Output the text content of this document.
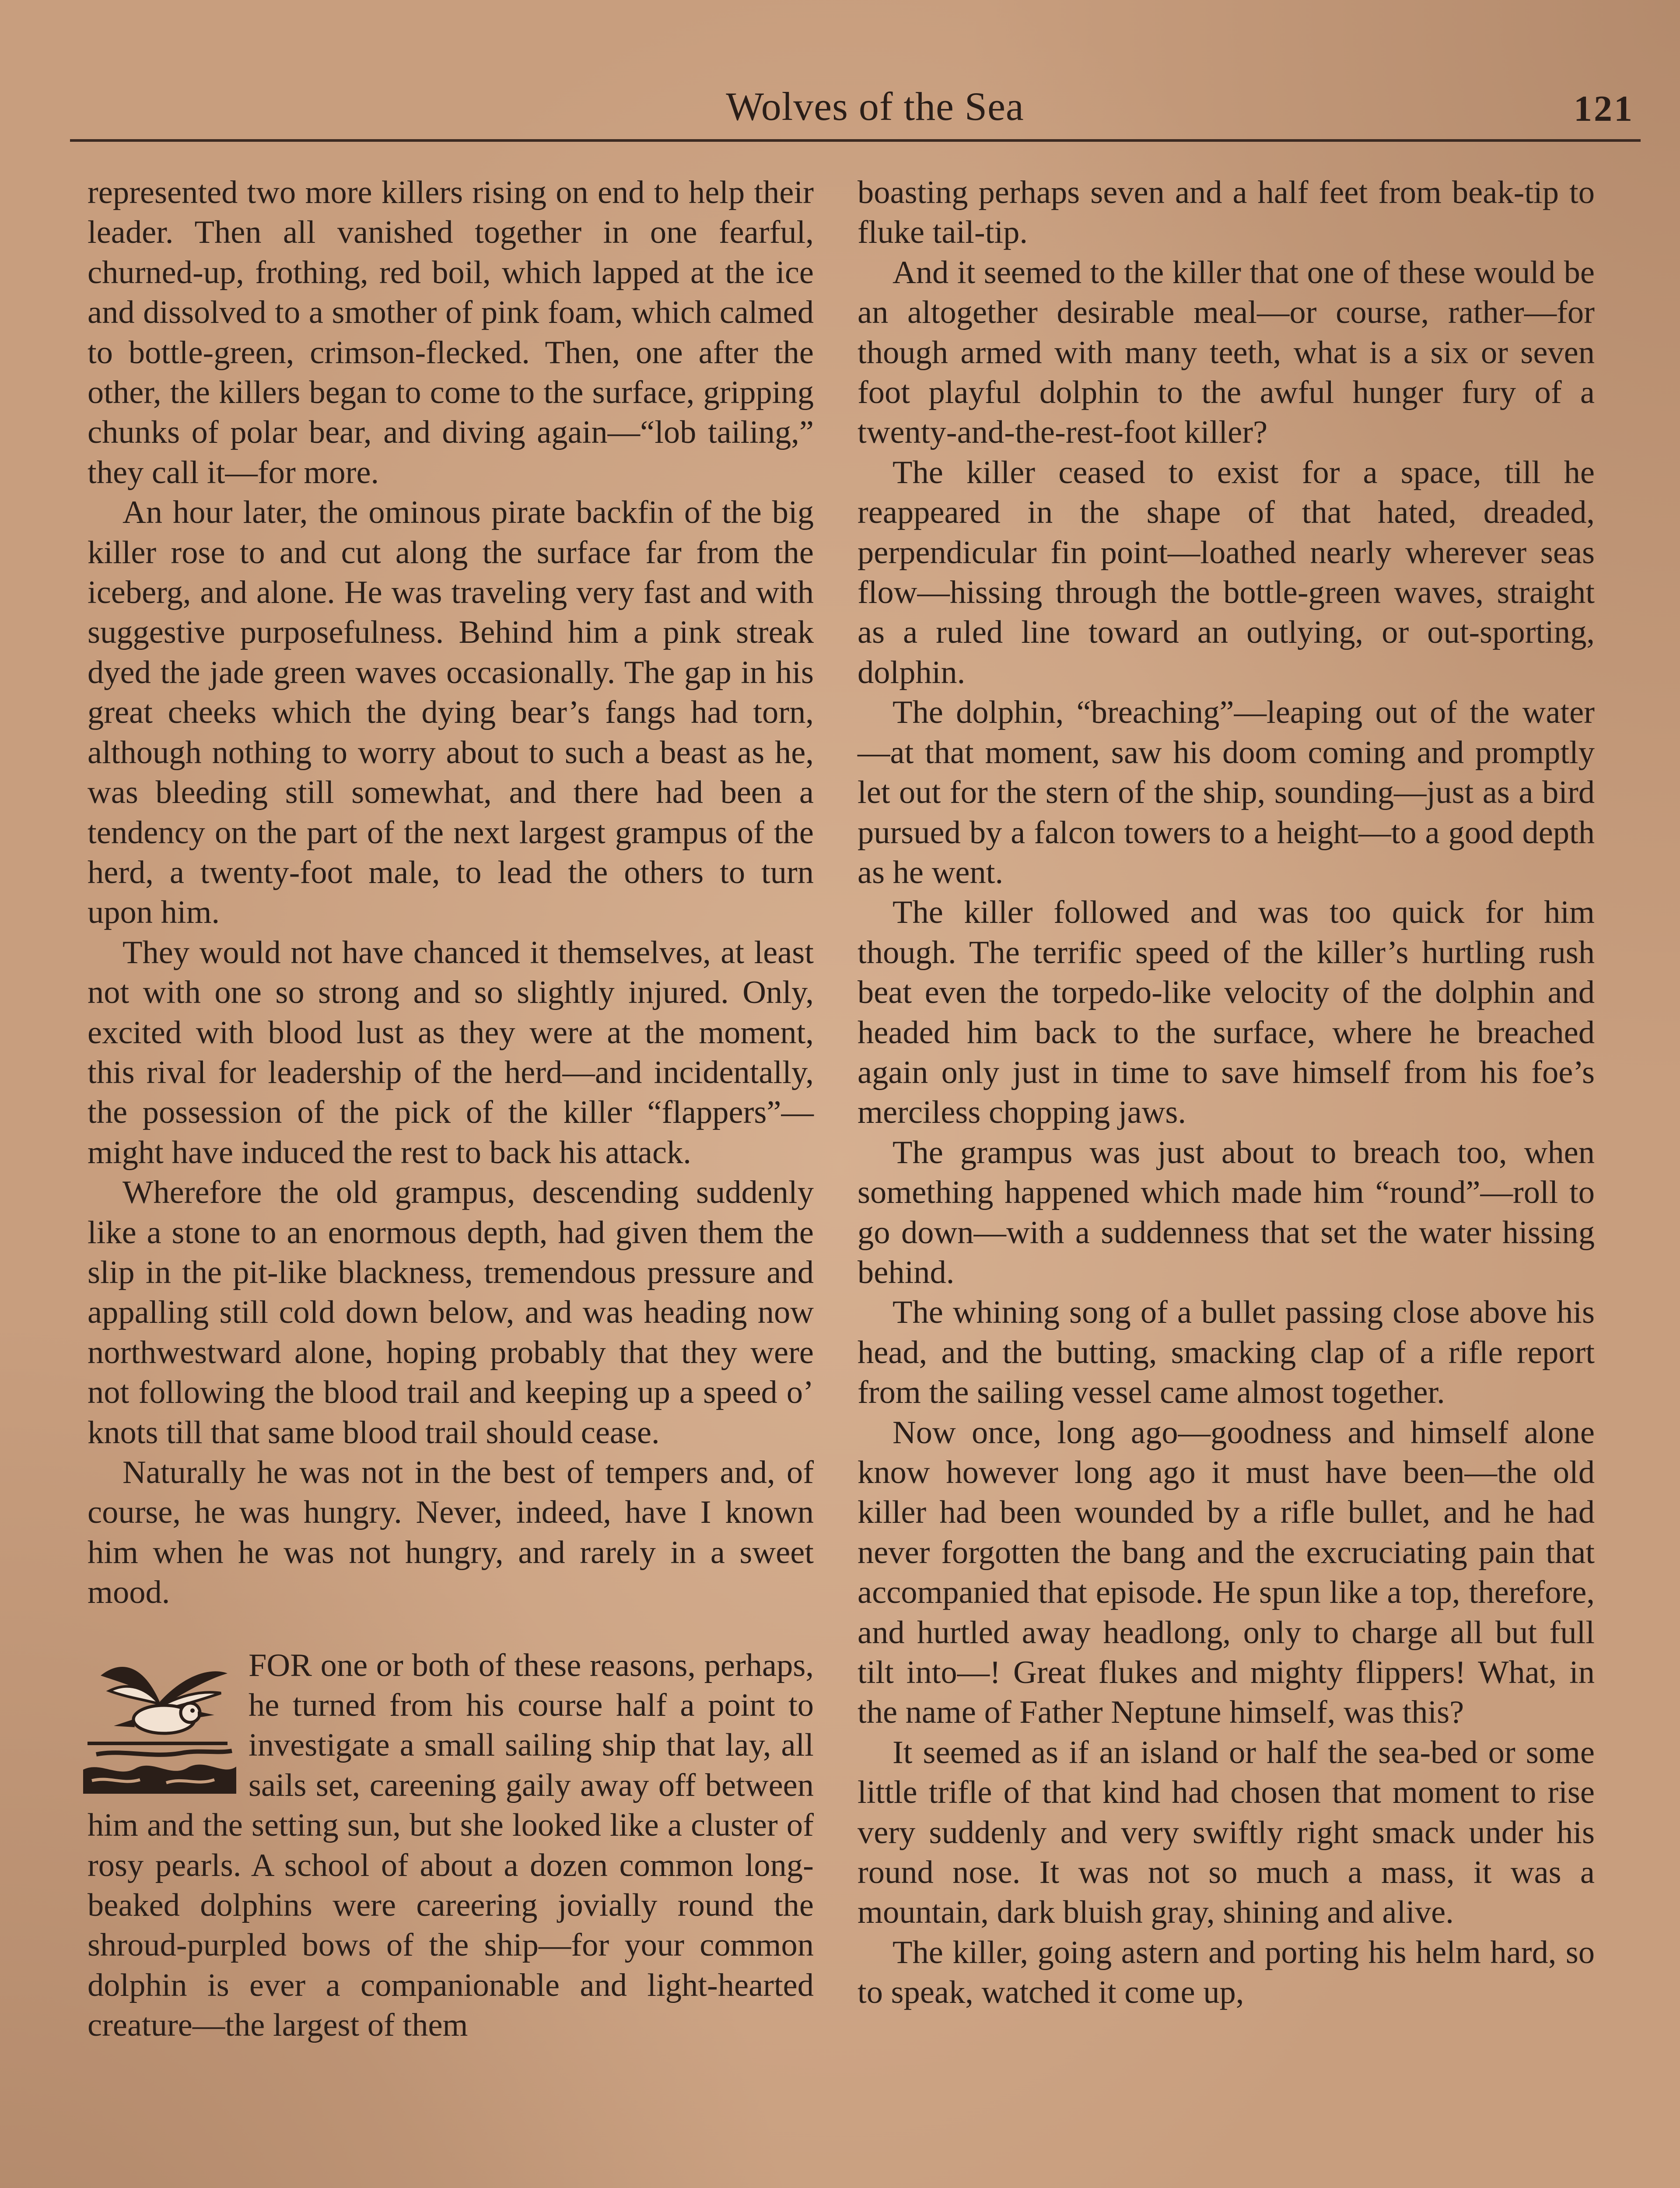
Wolves of the Sea	121

represented two more killers rising on end to help their leader. Then all vanished together in one fearful, churned-up, frothing, red boil, which lapped at the ice and dissolved to a smother of pink foam, which calmed to bottle-green, crimson-flecked. Then, one after the other, the killers began to come to the surface, gripping chunks of polar bear, and diving again—“lob tailing,” they call it—for more.

An hour later, the ominous pirate backfin of the big killer rose to and cut along the surface far from the iceberg, and alone. He was traveling very fast and with suggestive purposefulness. Behind him a pink streak dyed the jade green waves occasionally. The gap in his great cheeks which the dying bear’s fangs had torn, although nothing to worry about to such a beast as he, was bleeding still somewhat, and there had been a tendency on the part of the next largest grampus of the herd, a twenty-foot male, to lead the others to turn upon him.

They would not have chanced it themselves, at least not with one so strong and so slightly injured. Only, excited with blood lust as they were at the moment, this rival for leadership of the herd—and incidentally, the possession of the pick of the killer “flappers”—might have induced the rest to back his attack.

Wherefore the old grampus, descending suddenly like a stone to an enormous depth, had given them the slip in the pit-like blackness, tremendous pressure and appalling still cold down below, and was heading now northwestward alone, hoping probably that they were not following the blood trail and keeping up a speed o’ knots till that same blood trail should cease.

Naturally he was not in the best of tempers and, of course, he was hungry. Never, indeed, have I known him when he was not hungry, and rarely in a sweet mood.

FOR one or both of these reasons, perhaps, he turned from his course half a point to investigate a small sailing ship that lay, all sails set, careening gaily away off between him and the setting sun, but she looked like a cluster of rosy pearls. A school of about a dozen common long-beaked dolphins were careering jovially round the shroud-purpled bows of the ship—for your common dolphin is ever a companionable and light-hearted creature—the largest of them

boasting perhaps seven and a half feet from beak-tip to fluke tail-tip.

And it seemed to the killer that one of these would be an altogether desirable meal—or course, rather—for though armed with many teeth, what is a six or seven foot playful dolphin to the awful hunger fury of a twenty-and-the-rest-foot killer?

The killer ceased to exist for a space, till he reappeared in the shape of that hated, dreaded, perpendicular fin point—loathed nearly wherever seas flow—hissing through the bottle-green waves, straight as a ruled line toward an outlying, or out-sporting, dolphin.

The dolphin, “breaching”—leaping out of the water—at that moment, saw his doom coming and promptly let out for the stern of the ship, sounding—just as a bird pursued by a falcon towers to a height—to a good depth as he went.

The killer followed and was too quick for him though. The terrific speed of the killer’s hurtling rush beat even the torpedo-like velocity of the dolphin and headed him back to the surface, where he breached again only just in time to save himself from his foe’s merciless chopping jaws.

The grampus was just about to breach too, when something happened which made him “round”—roll to go down—with a suddenness that set the water hissing behind.

The whining song of a bullet passing close above his head, and the butting, smacking clap of a rifle report from the sailing vessel came almost together.

Now once, long ago—goodness and himself alone know however long ago it must have been—the old killer had been wounded by a rifle bullet, and he had never forgotten the bang and the excruciating pain that accompanied that episode. He spun like a top, therefore, and hurtled away headlong, only to charge all but full tilt into—! Great flukes and mighty flippers! What, in the name of Father Neptune himself, was this?

It seemed as if an island or half the sea-bed or some little trifle of that kind had chosen that moment to rise very suddenly and very swiftly right smack under his round nose. It was not so much a mass, it was a mountain, dark bluish gray, shining and alive.

The killer, going astern and porting his helm hard, so to speak, watched it come up,
